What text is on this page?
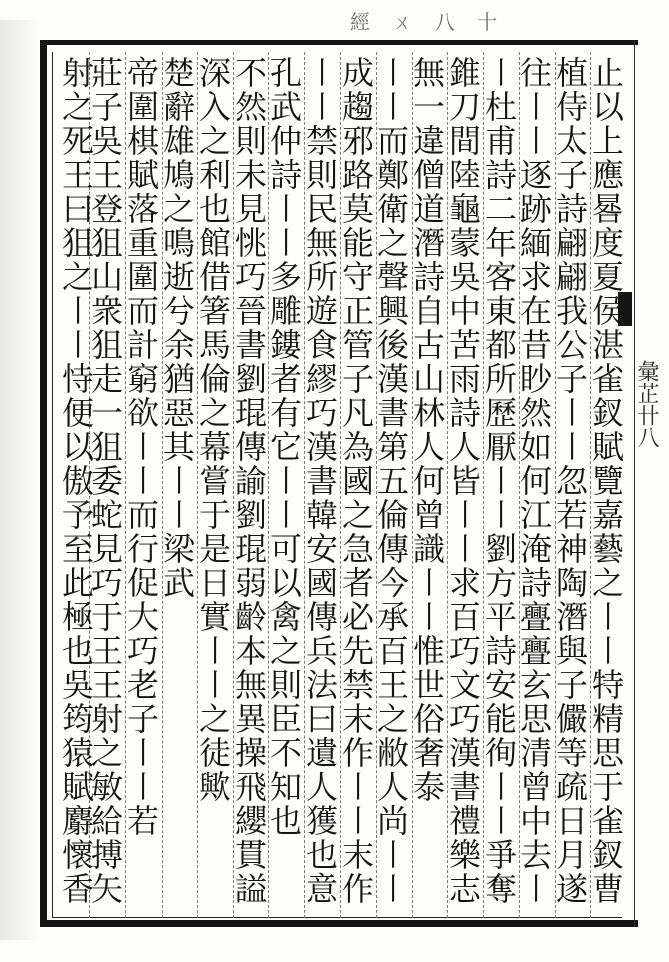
經 ㄨ 八 十
彙芷卄八
止以上應晷度夏侯湛雀釵賦覽嘉藝之〡〡特精思于雀釵曹
植侍太子詩翩翩我公子〡〡忽若神陶潛與子儼等疏日月遂
往〡〡逐跡緬求在昔眇然如何江淹詩亹亹玄思清曾中去〡
〡杜甫詩二年客東都所歷厭〡〡劉方平詩安能徇〡〡爭奪
錐刀間陸龜蒙吳中苦雨詩人皆〡〡求百巧文巧漢書禮樂志
無一違僧道潛詩自古山林人何曾識〡〡惟世俗奢泰
〡〡而鄭衛之聲興後漢書第五倫傳今承百王之敝人尚〡〡
成趨邪路莫能守正管子凡為國之急者必先禁末作〡〡末作
〡〡禁則民無所遊食繆巧漢書韓安國傳兵法曰遺人獲也意
孔武仲詩〡〡多雕鏤者有它〡〡可以禽之則臣不知也
不然則未見恌巧晉書劉琨傳諭劉琨弱齡本無異操飛纓貫謚
深入之利也館借箸馬倫之幕嘗于是日實〡〡之徒歟
楚辭雄鳩之鳴逝兮余猶惡其〡〡梁武
帝圍棋賦落重圍而計窮欲〡〡而行促大巧老子〡〡若
莊子吳王登狙山衆狙走一狙委蛇見巧于王王射之敏給搏矢
射之死王曰狙之〡〡恃便以傲予至此極也吳筠猿賦麝懷香
